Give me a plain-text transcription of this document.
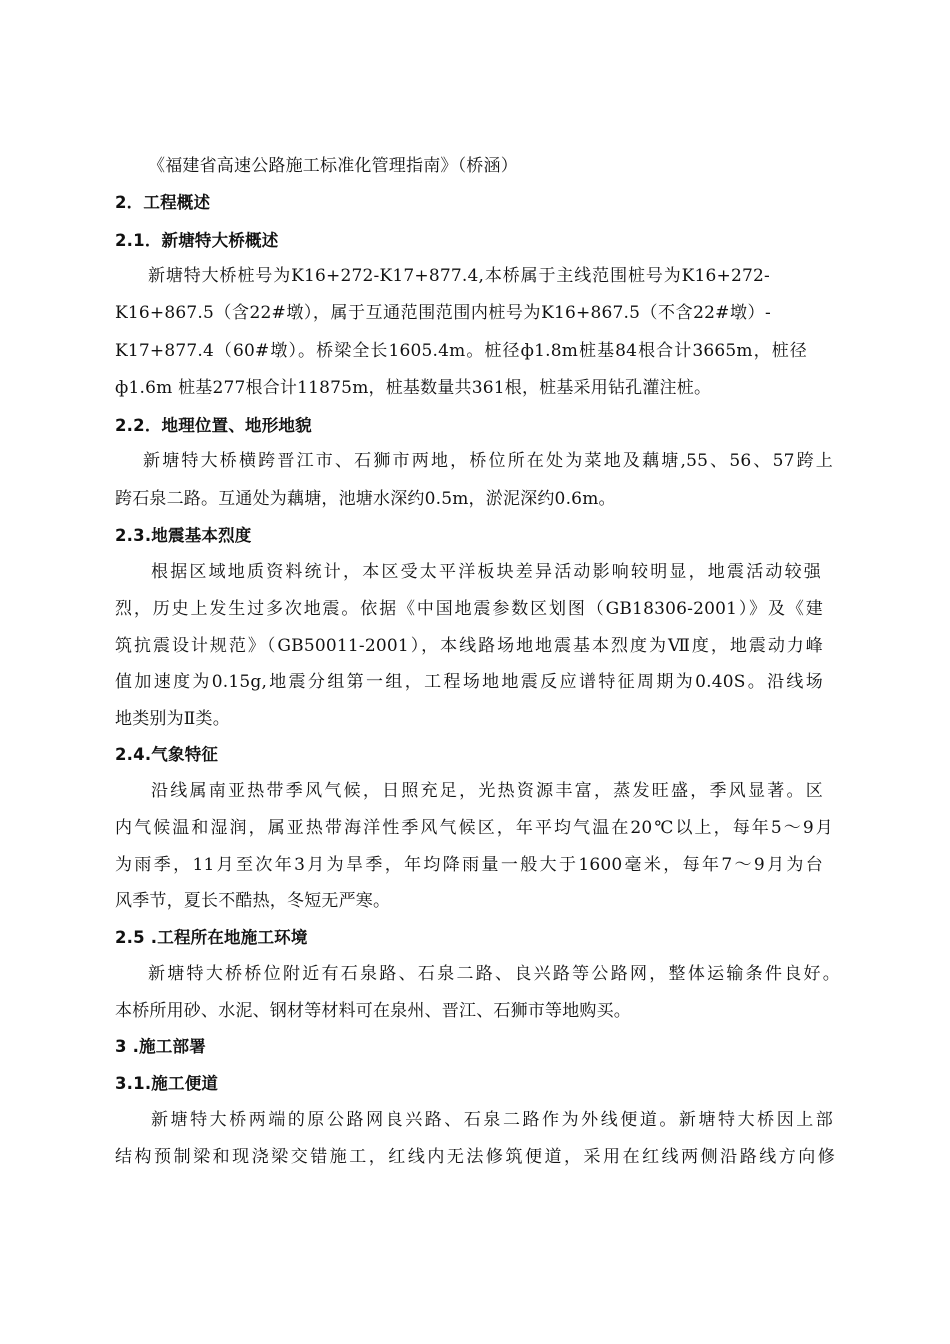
《福建省高速公路施工标准化管理指南》（桥涵）
2．工程概述
2.1．新塘特大桥概述
新塘特大桥桩号为K16+272-K17+877.4,本桥属于主线范围桩号为K16+272-
K16+867.5（含22#墩），属于互通范围范围内桩号为K16+867.5（不含22#墩）-
K17+877.4（60#墩）。桥梁全长1605.4m。桩径ф1.8m桩基84根合计3665m，桩径
ф1.6m 桩基277根合计11875m，桩基数量共361根，桩基采用钻孔灌注桩。
2.2．地理位置、地形地貌
新塘特大桥横跨晋江市、石狮市两地，桥位所在处为菜地及藕塘,55、56、57跨上
跨石泉二路。互通处为藕塘，池塘水深约0.5m，淤泥深约0.6m。
2.3.地震基本烈度
根据区域地质资料统计，本区受太平洋板块差异活动影响较明显，地震活动较强
烈，历史上发生过多次地震。依据《中国地震参数区划图（GB18306-2001）》及《建
筑抗震设计规范》（GB50011-2001），本线路场地地震基本烈度为Ⅶ度，地震动力峰
值加速度为0.15g,地震分组第一组，工程场地地震反应谱特征周期为0.40S。沿线场
地类别为Ⅱ类。
2.4.气象特征
沿线属南亚热带季风气候，日照充足，光热资源丰富，蒸发旺盛，季风显著。区
内气候温和湿润，属亚热带海洋性季风气候区，年平均气温在20℃以上，每年5～9月
为雨季，11月至次年3月为旱季，年均降雨量一般大于1600毫米，每年7～9月为台
风季节，夏长不酷热，冬短无严寒。
2.5 .工程所在地施工环境
新塘特大桥桥位附近有石泉路、石泉二路、良兴路等公路网，整体运输条件良好。
本桥所用砂、水泥、钢材等材料可在泉州、晋江、石狮市等地购买。
3 .施工部署
3.1.施工便道
新塘特大桥两端的原公路网良兴路、石泉二路作为外线便道。新塘特大桥因上部
结构预制梁和现浇梁交错施工，红线内无法修筑便道，采用在红线两侧沿路线方向修
